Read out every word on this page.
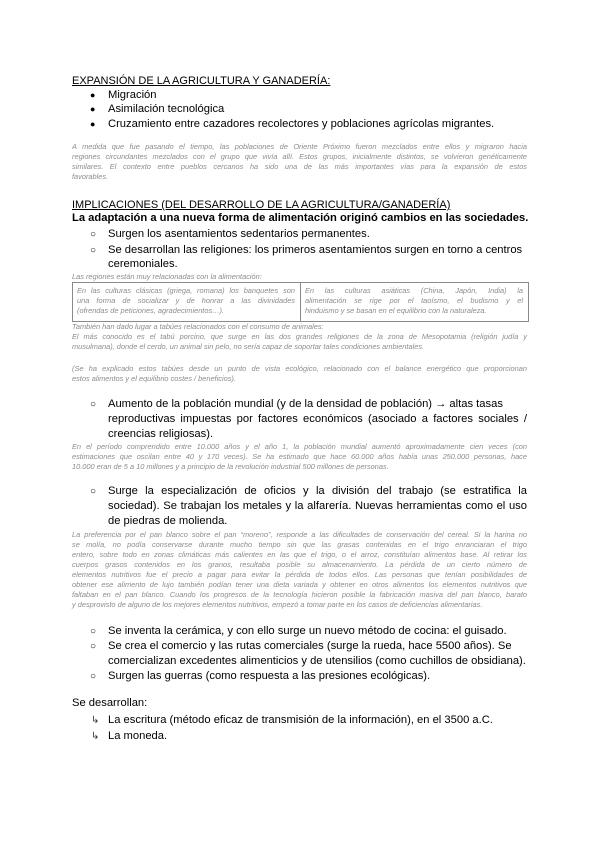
EXPANSIÓN DE LA AGRICULTURA Y GANADERÍA:
● Migración
● Asimilación tecnológica
● Cruzamiento entre cazadores recolectores y poblaciones agrícolas migrantes.
A medida que fue pasando el tiempo, las poblaciones de Oriente Próximo fueron mezclados entre ellos y migraron hacia
regiones circundantes mezclados con el grupo que vivía allí. Estos grupos, inicialmente distintos, se volvieron genéticamente
similares. El contexto entre pueblos cercanos ha sido una de las más importantes vías para la expansión de estos
favorables.
IMPLICACIONES (DEL DESARROLLO DE LA AGRICULTURA/GANADERÍA)
La adaptación a una nueva forma de alimentación originó cambios en las sociedades.
○ Surgen los asentamientos sedentarios permanentes.
○ Se desarrollan las religiones: los primeros asentamientos surgen en torno a centros
ceremoniales.
Las regiones están muy relacionadas con la alimentación:
En las culturas clásicas (griega, romana) los banquetes son
una forma de socializar y de honrar a las divinidades
(ofrendas de peticiones, agradecimientos…).
En las culturas asiáticas (China, Japón, India) la
alimentación se rige por el taoísmo, el budismo y el
hinduismo y se basan en el equilibrio con la naturaleza.
También han dado lugar a tabúes relacionados con el consumo de animales:
El más conocido es el tabú porcino, que surge en las dos grandes religiones de la zona de Mesopotamia (religión judía y
musulmana), donde el cerdo, un animal sin pelo, no sería capaz de soportar tales condiciones ambientales.
(Se ha explicado estos tabúes desde un punto de vista ecológico, relacionado con el balance energético que proporcionan
estos alimentos y el equilibrio costes / beneficios).
○ Aumento de la población mundial (y de la densidad de población) → altas tasas
reproductivas impuestas por factores económicos (asociado a factores sociales /
creencias religiosas).
En el período comprendido entre 10.000 años y el año 1, la población mundial aumentó aproximadamente cien veces (con
estimaciones que oscilan entre 40 y 170 veces). Se ha estimado que hace 60.000 años había unas 250.000 personas, hace
10.000 eran de 5 a 10 millones y a principio de la revolución industrial 500 millones de personas.
○ Surge la especialización de oficios y la división del trabajo (se estratifica la
sociedad). Se trabajan los metales y la alfarería. Nuevas herramientas como el uso
de piedras de molienda.
La preferencia por el pan blanco sobre el pan “moreno”, responde a las dificultades de conservación del cereal. Si la harina no
se molía, no podía conservarse durante mucho tiempo sin que las grasas contenidas en el trigo enranciaran el trigo
entero, sobre todo en zonas climáticas más calientes en las que el trigo, o el arroz, constituían alimentos base. Al retirar los
cuerpos grasos contenidos en los granos, resultaba posible su almacenamiento. La pérdida de un cierto número de
elementos nutritivos fue el precio a pagar para evitar la pérdida de todos ellos. Las personas que tenían posibilidades de
obtener ese alimento de lujo también podían tener una dieta variada y obtener en otros alimentos los elementos nutritivos que
faltaban en el pan blanco. Cuando los progresos de la tecnología hicieron posible la fabricación masiva del pan blanco, barato
y desprovisto de alguno de los mejores elementos nutritivos, empezó a tomar parte en los casos de deficiencias alimentarias.
○ Se inventa la cerámica, y con ello surge un nuevo método de cocina: el guisado.
○ Se crea el comercio y las rutas comerciales (surge la rueda, hace 5500 años). Se
comercializan excedentes alimenticios y de utensilios (como cuchillos de obsidiana).
○ Surgen las guerras (como respuesta a las presiones ecológicas).
Se desarrollan:
↳ La escritura (método eficaz de transmisión de la información), en el 3500 a.C.
↳ La moneda.
